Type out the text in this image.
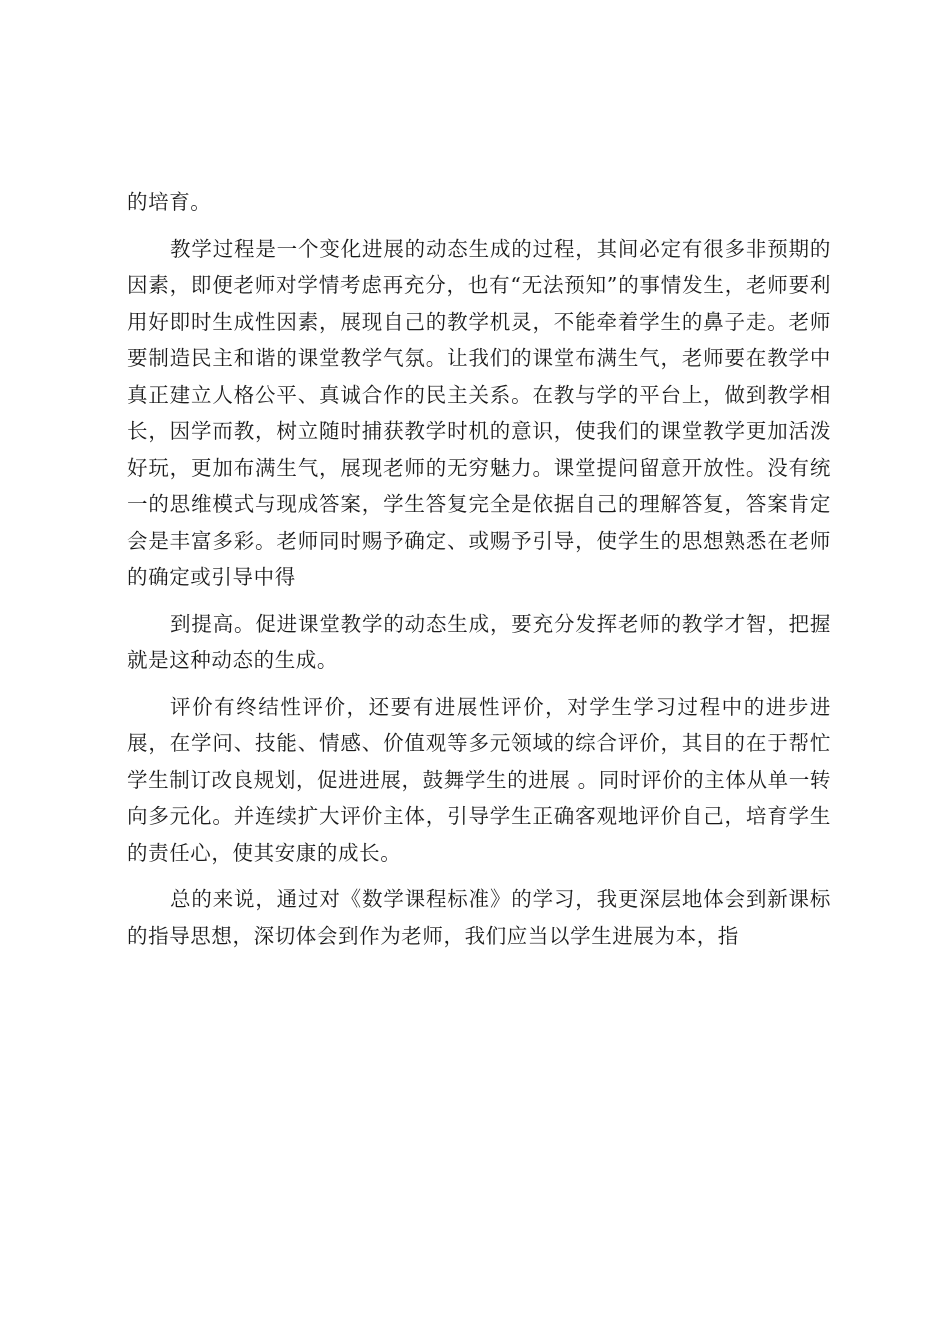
的培育。

教学过程是一个变化进展的动态生成的过程，其间必定有很多非预期的因素，即便老师对学情考虑再充分，也有“无法预知”的事情发生，老师要利用好即时生成性因素，展现自己的教学机灵，不能牵着学生的鼻子走。老师要制造民主和谐的课堂教学气氛。让我们的课堂布满生气，老师要在教学中真正建立人格公平、真诚合作的民主关系。在教与学的平台上，做到教学相长，因学而教，树立随时捕获教学时机的意识，使我们的课堂教学更加活泼好玩，更加布满生气，展现老师的无穷魅力。课堂提问留意开放性。没有统一的思维模式与现成答案，学生答复完全是依据自己的理解答复，答案肯定会是丰富多彩。老师同时赐予确定、或赐予引导，使学生的思想熟悉在老师的确定或引导中得

到提高。促进课堂教学的动态生成，要充分发挥老师的教学才智，把握就是这种动态的生成。

评价有终结性评价，还要有进展性评价，对学生学习过程中的进步进展，在学问、技能、情感、价值观等多元领域的综合评价，其目的在于帮忙学生制订改良规划，促进进展，鼓舞学生的进展 。同时评价的主体从单一转向多元化。并连续扩大评价主体，引导学生正确客观地评价自己，培育学生的责任心，使其安康的成长。

总的来说，通过对《数学课程标准》的学习，我更深层地体会到新课标的指导思想，深切体会到作为老师，我们应当以学生进展为本，指
